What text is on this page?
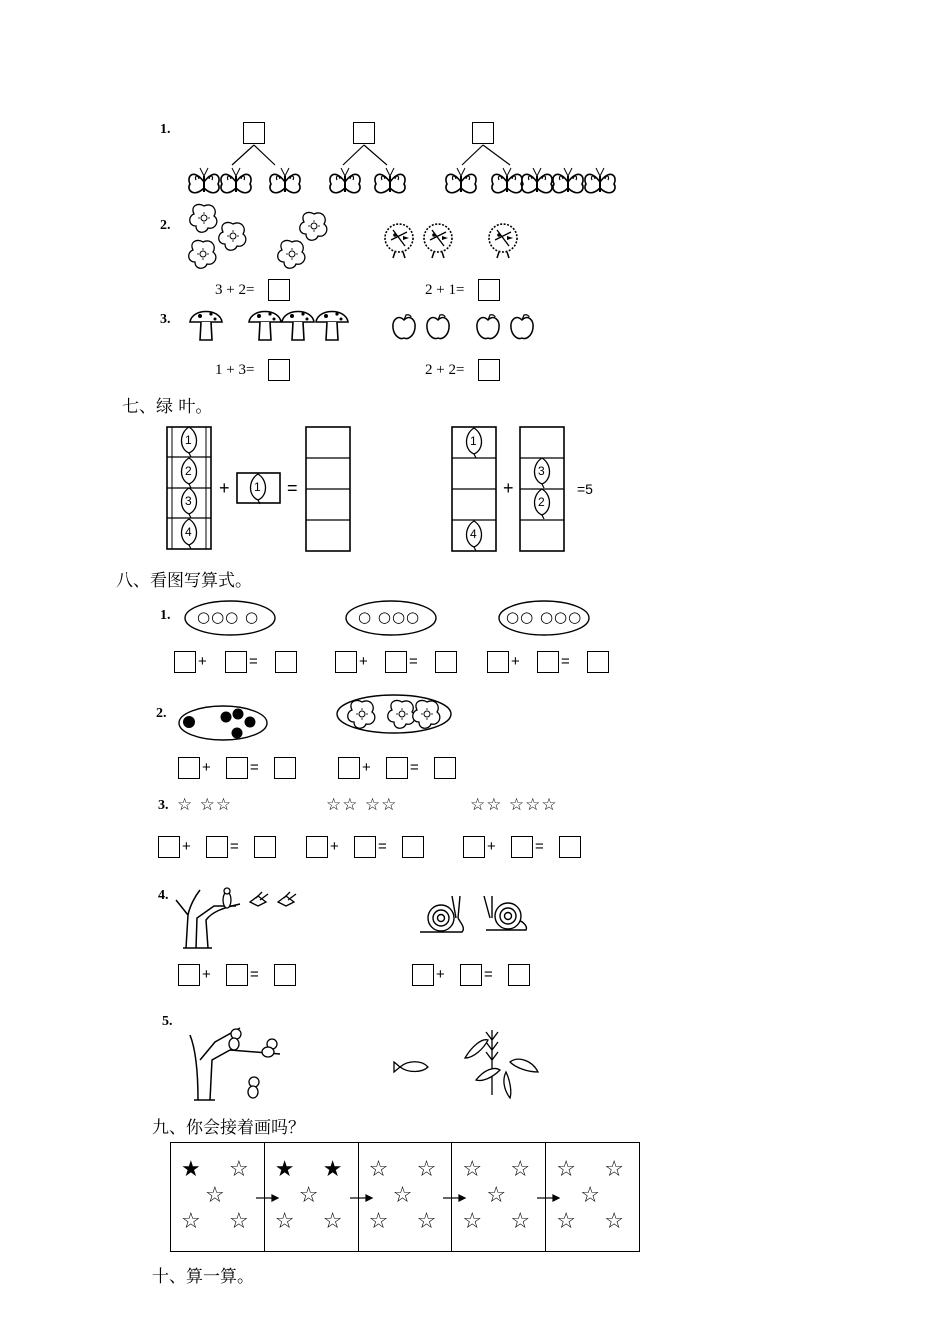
1.
2.
3 + 2=	2 + 1=
3.
1 + 3=	2 + 2=
七、绿 叶。
1
2
3
4
1
1
4
3
2
+	=	+	=5
八、看图写算式。
1. ○○○ ○	○ ○○○	○○ ○○○
+	=	+	=	+	=
2.
+	=	+	=
3. ☆ ☆☆	☆☆ ☆☆	☆☆ ☆☆☆
+	=	+	=	+	=
4.
+	=	+	=
5.
九、你会接着画吗？
★ ☆
☆
☆ ☆
★ ★
☆
☆ ☆
☆ ☆
☆
☆ ☆
☆ ☆
☆
☆ ☆
☆ ☆
☆
☆ ☆
十、算一算。
